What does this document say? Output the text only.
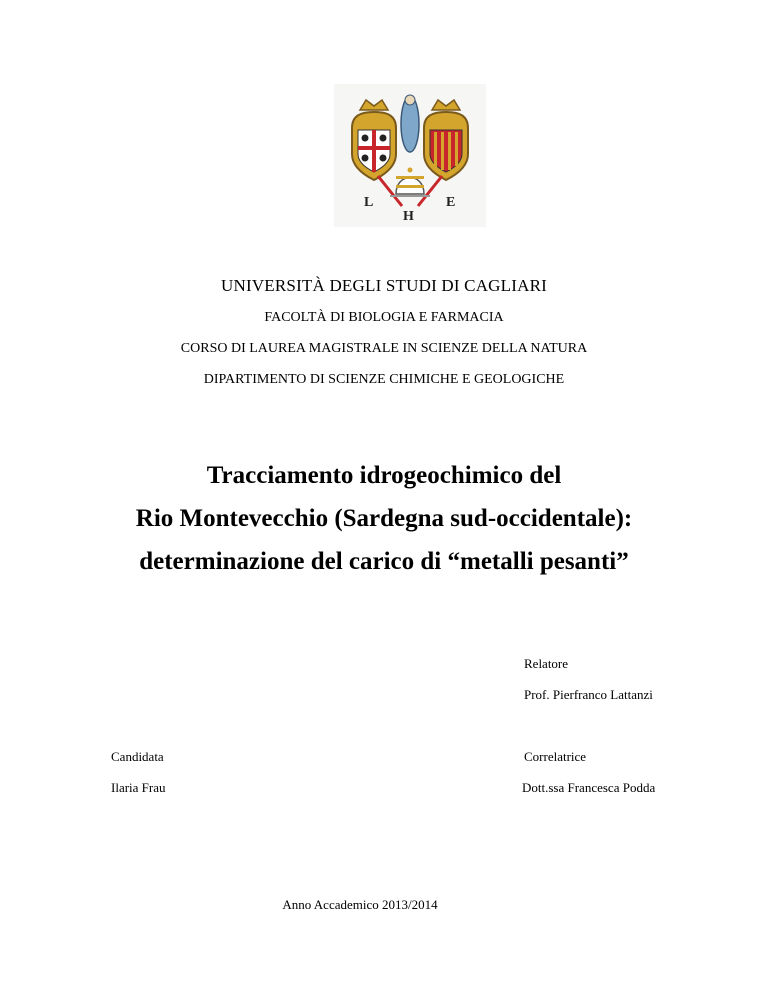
L
H
E
UNIVERSITÀ DEGLI STUDI DI CAGLIARI
FACOLTÀ DI BIOLOGIA E FARMACIA
CORSO DI LAUREA MAGISTRALE IN SCIENZE DELLA NATURA
DIPARTIMENTO DI SCIENZE CHIMICHE E GEOLOGICHE
Tracciamento idrogeochimico del
Rio Montevecchio (Sardegna sud-occidentale):
determinazione del carico di “metalli pesanti”
Relatore
Prof. Pierfranco Lattanzi
Candidata	Correlatrice
Ilaria Frau	Dott.ssa Francesca Podda
Anno Accademico 2013/2014
